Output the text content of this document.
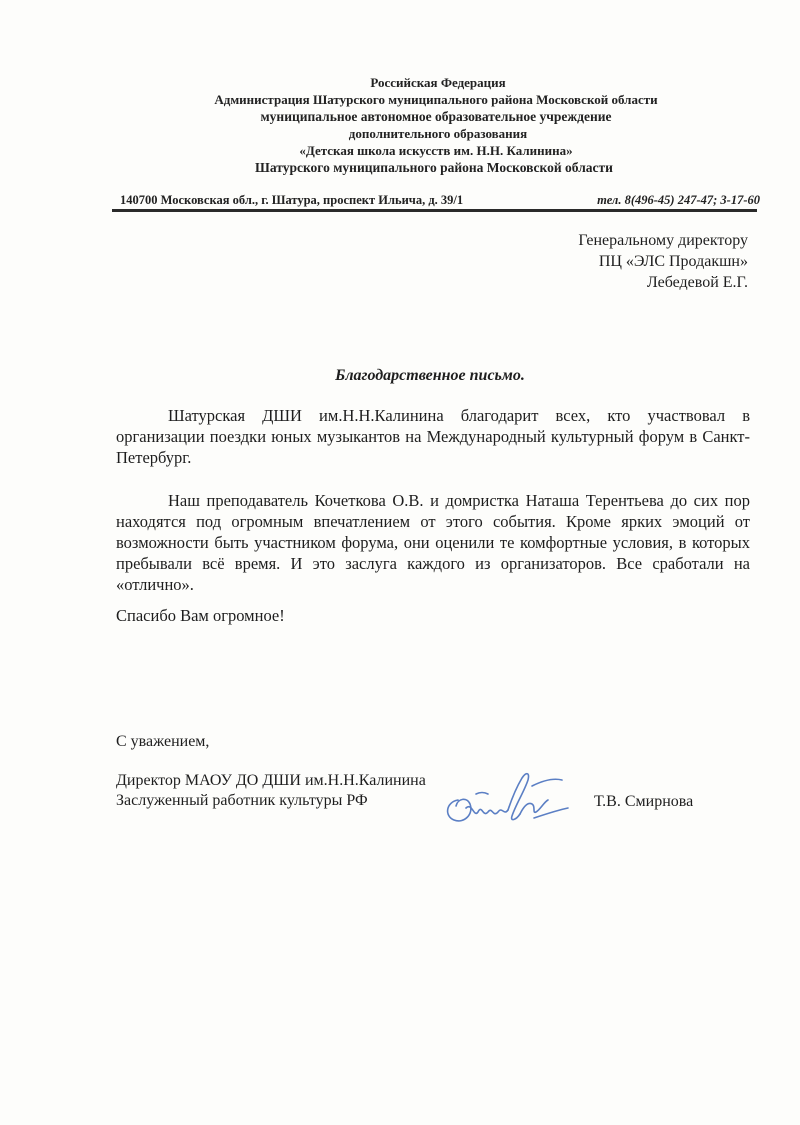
Российская Федерация
Администрация Шатурского муниципального района Московской области
муниципальное автономное образовательное учреждение
дополнительного образования
«Детская школа искусств им. Н.Н. Калинина»
Шатурского муниципального района Московской области
140700 Московская обл., г. Шатура, проспект Ильича, д. 39/1	тел. 8(496-45) 247-47; 3-17-60
Генеральному директору
ПЦ «ЭЛС Продакшн»
Лебедевой Е.Г.
Благодарственное письмо.
Шатурская ДШИ им.Н.Н.Калинина благодарит всех, кто участвовал в организации поездки юных музыкантов на Международный культурный форум в Санкт-Петербург.
Наш преподаватель Кочеткова О.В. и домристка Наташа Терентьева до сих пор находятся под огромным впечатлением от этого события. Кроме ярких эмоций от возможности быть участником форума, они оценили те комфортные условия, в которых пребывали всё время. И это заслуга каждого из организаторов. Все сработали на «отлично».
Спасибо Вам огромное!
С уважением,
Директор МАОУ ДО ДШИ им.Н.Н.Калинина
Заслуженный работник культуры РФ	Т.В. Смирнова
